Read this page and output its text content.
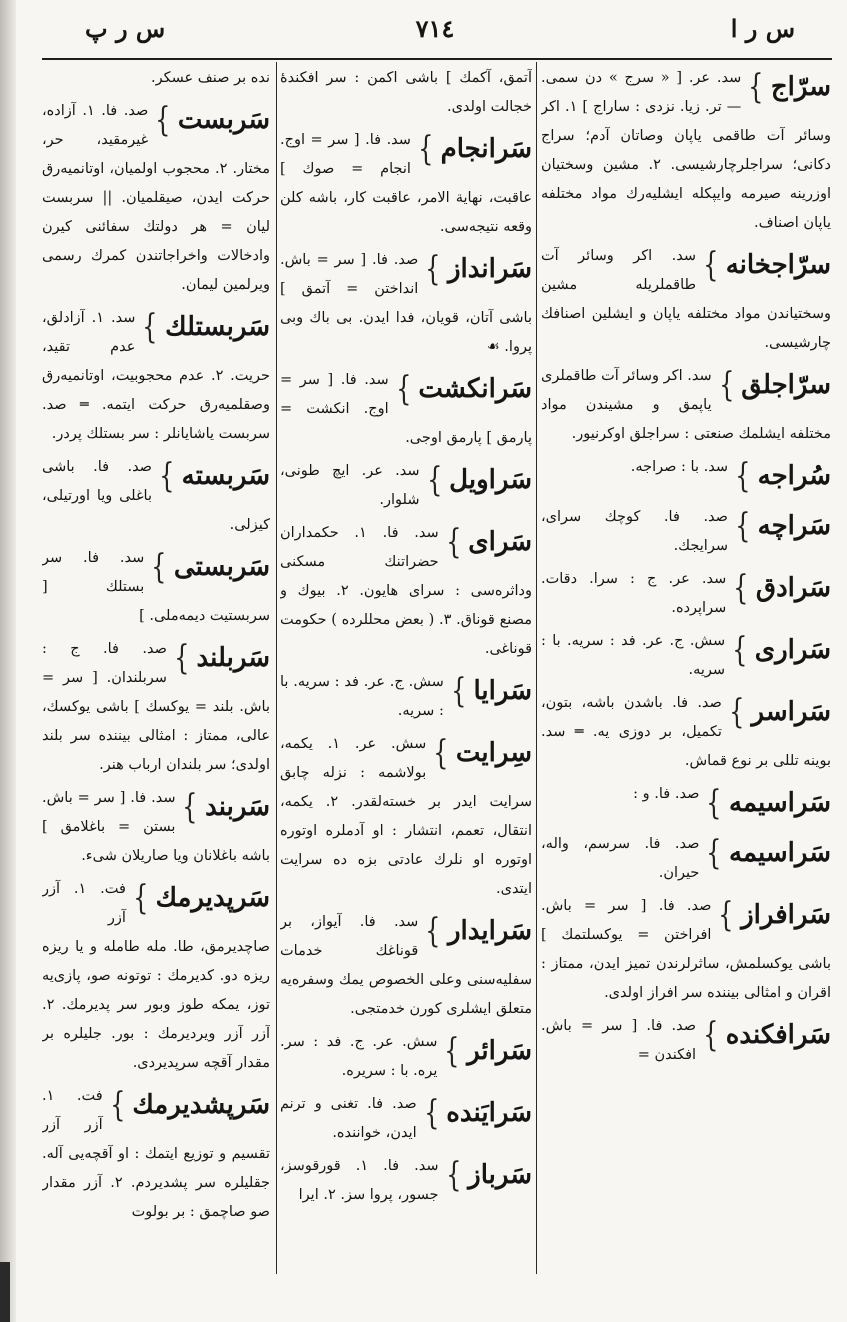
س ر ا
٧١٤
س ر پ
سرّاج
}
سد. عر. [ « سرج » دن سمی. — تر. زیا. نزدی : ساراج ] ١. اکر وسائر آت طاقمی یاپان وصاتان آدم؛ سراج دکانی؛ سراجلرچارشیسی. ٢. مشین وسختیان اوزرینه صیرمه وایپکله ایشلیه‌رك مواد مختلفه یاپان اصناف.
سرّاجخانه
}
سد. اکر وسائر آت طاقملریله مشین وسختیاندن مواد مختلفه یاپان و ایشلین اصنافك چارشیسی.
سرّاجلق
}
سد. اکر وسائر آت طاقملری یاپمق و مشیندن مواد مختلفه ایشلمك صنعتی : سراجلق اوکرنیور.
سُراجه
}
سد. با : صراجه.
سَراچه
}
صد. فا. کوچك سرای، سرایجك.
سَرادق
}
سد. عر. ج : سرا. دقات. سراپرده.
سَرارى
}
سش. ج. عر. فد : سریه. با : سریه.
سَراسر
}
صد. فا. باشدن باشه، بتون، تکمیل، بر دوزی یه. ═ سد. بوینه تللی بر نوع قماش.
سَراسیمه
}
صد. فا. و :
سَراسیمه
}
صد. فا. سرسم، واله، حیران.
سَرافراز
}
صد. فا. [ سر = باش. افراختن = یوکسلتمك ] باشی یوکسلمش، ساثرلرندن تمیز ایدن، ممتاز : اقران و امثالی بیننده سر افراز اولدی.
سَرافکنده
}
صد. فا. [ سر = باش. افکندن =
آتمق، آکمك ] باشی اکمن : سر افکندهٔ خجالت اولدی.
سَرانجام
}
سد. فا. [ سر = اوج. انجام = صوك ] عاقبت، نهایة الامر، عاقبت کار، باشه کلن وقعه نتیجه‌سی.
سَرانداز
}
صد. فا. [ سر = باش. انداختن = آتمق ] باشی آتان، قویان، فدا ایدن. بی باك وبی پروا. ☙
سَرانکشت
}
سد. فا. [ سر = اوج. انکشت = پارمق ] پارمق اوجی.
سَراویل
}
سد. عر. ایچ طونی، شلوار.
سَراى
}
سد. فا. ١. حکمداران حضراتنك مسکنی وداثره‌سی : سرای هایون. ٢. بیوك و مصنع قوناق. ٣. ( بعض محللرده ) حکومت قوناغی.
سَرایا
}
سش. ج. عر. فد : سریه. با : سریه.
سِرایت
}
سش. عر. ١. یکمه، بولاشمه : نزله چابق سرایت ایدر بر خسته‌لقدر. ٢. یکمه، انتقال، تعمم، انتشار : او آدملره اوتوره اوتوره او نلرك عادتی بزه ده سرایت ایتدی.
سَرایدار
}
سد. فا. آیواز، بر قوناغك خدمات سفلیه‌سنی وعلی الخصوص یمك وسفره‌یه متعلق ایشلری کورن خدمتجی.
سَرائر
}
سش. عر. ج. فد : سر. یره. با : سریره.
سَرایَنده
}
صد. فا. تغنی و ترنم ایدن، خواننده.
سَرباز
}
سد. فا. ١. قورقوسز، جسور، پروا سز. ٢. ایرا
نده بر صنف عسکر.
سَربست
}
صد. فا. ١. آزاده، غیرمقید، حر، مختار. ٢. محجوب اولمیان، اوتانمیه‌رق حرکت ایدن، صیقلمیان. || سربست لیان = هر دولتك سفائنی کیرن وادخالات واخراجاتندن کمرك رسمی ویرلمین لیمان.
سَربستلك
}
سد. ١. آزادلق، عدم تقید، حریت. ٢. عدم محجوبیت، اوتانمیه‌رق وصقلمیه‌رق حرکت ایتمه. ═ صد. سربست یاشایانلر : سر بستلك پردر.
سَربسته
}
صد. فا. باشی باغلی ویا اورتیلی، کیزلی.
سَربستی
}
سد. فا. سر بستلك [ سربستیت دیمه‌ملی. ]
سَربلند
}
صد. فا. ج : سربلندان. [ سر = باش. بلند = یوکسك ] باشی یوکسك، عالی، ممتاز : امثالی بیننده سر بلند اولدی؛ سر بلندان ارباب هنر.
سَربند
}
سد. فا. [ سر = باش. بستن = باغلامق ] باشه باغلانان ویا صاریلان شیء.
سَرپدیرمك
}
فت. ١. آزر آزر صاچدیرمق، طا. مله طامله و یا ریزه ریزه دو. کدیرمك : توتونه صو، پازی‌یه توز، یمکه طوز وبور سر پدیرمك. ٢. آزر آزر ویردیرمك : بور. جلیلره بر مقدار آقچه سرپدیردی.
سَرپشدیرمك
}
فت. ١. آزر آزر تقسیم و توزیع ایتمك : او آقچه‌یی آله. جقلیلره سر پشدیردم. ٢. آزر مقدار صو صاچمق : بر بولوت
